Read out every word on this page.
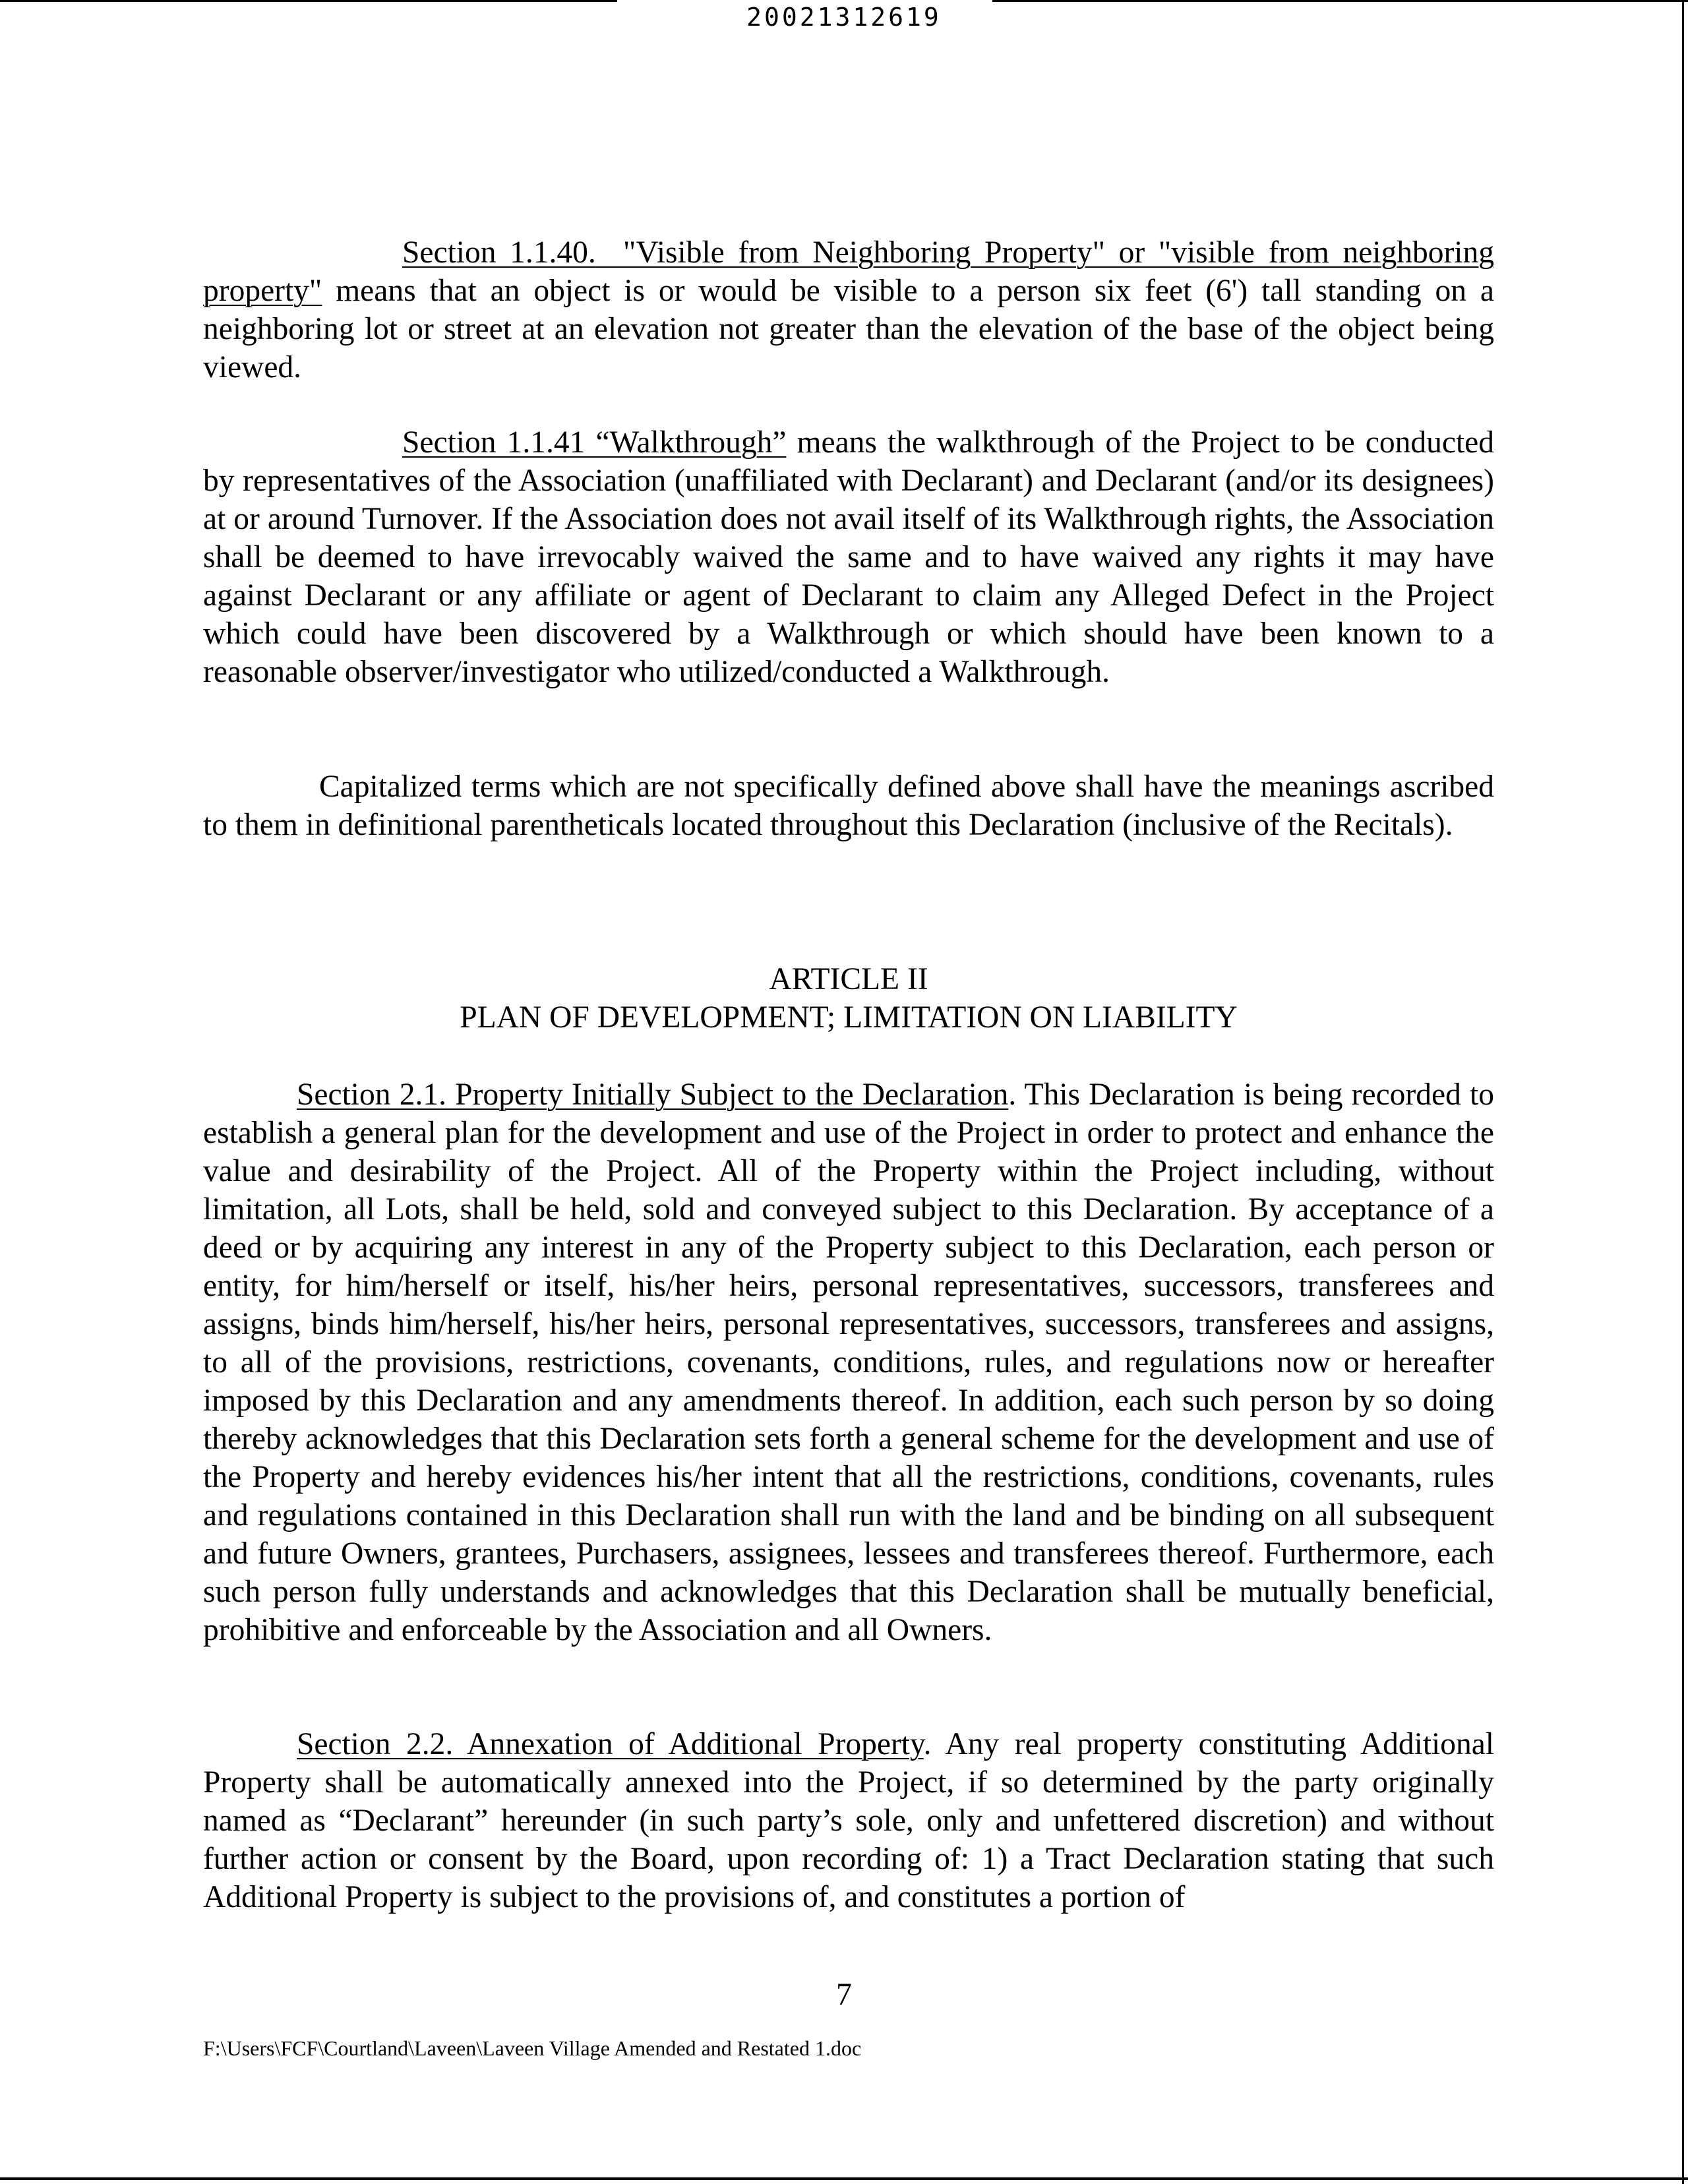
20021312619
Section 1.1.40. "Visible from Neighboring Property" or "visible from neighboring property" means that an object is or would be visible to a person six feet (6') tall standing on a neighboring lot or street at an elevation not greater than the elevation of the base of the object being viewed.
Section 1.1.41 “Walkthrough” means the walkthrough of the Project to be conducted by representatives of the Association (unaffiliated with Declarant) and Declarant (and/or its designees) at or around Turnover. If the Association does not avail itself of its Walkthrough rights, the Association shall be deemed to have irrevocably waived the same and to have waived any rights it may have against Declarant or any affiliate or agent of Declarant to claim any Alleged Defect in the Project which could have been discovered by a Walkthrough or which should have been known to a reasonable observer/investigator who utilized/conducted a Walkthrough.
Capitalized terms which are not specifically defined above shall have the meanings ascribed to them in definitional parentheticals located throughout this Declaration (inclusive of the Recitals).
ARTICLE II
PLAN OF DEVELOPMENT; LIMITATION ON LIABILITY
Section 2.1. Property Initially Subject to the Declaration. This Declaration is being recorded to establish a general plan for the development and use of the Project in order to protect and enhance the value and desirability of the Project. All of the Property within the Project including, without limitation, all Lots, shall be held, sold and conveyed subject to this Declaration. By acceptance of a deed or by acquiring any interest in any of the Property subject to this Declaration, each person or entity, for him/herself or itself, his/her heirs, personal representatives, successors, transferees and assigns, binds him/herself, his/her heirs, personal representatives, successors, transferees and assigns, to all of the provisions, restrictions, covenants, conditions, rules, and regulations now or hereafter imposed by this Declaration and any amendments thereof. In addition, each such person by so doing thereby acknowledges that this Declaration sets forth a general scheme for the development and use of the Property and hereby evidences his/her intent that all the restrictions, conditions, covenants, rules and regulations contained in this Declaration shall run with the land and be binding on all subsequent and future Owners, grantees, Purchasers, assignees, lessees and transferees thereof. Furthermore, each such person fully understands and acknowledges that this Declaration shall be mutually beneficial, prohibitive and enforceable by the Association and all Owners.
Section 2.2. Annexation of Additional Property. Any real property constituting Additional Property shall be automatically annexed into the Project, if so determined by the party originally named as “Declarant” hereunder (in such party’s sole, only and unfettered discretion) and without further action or consent by the Board, upon recording of: 1) a Tract Declaration stating that such Additional Property is subject to the provisions of, and constitutes a portion of
7
F:\Users\FCF\Courtland\Laveen\Laveen Village Amended and Restated 1.doc
